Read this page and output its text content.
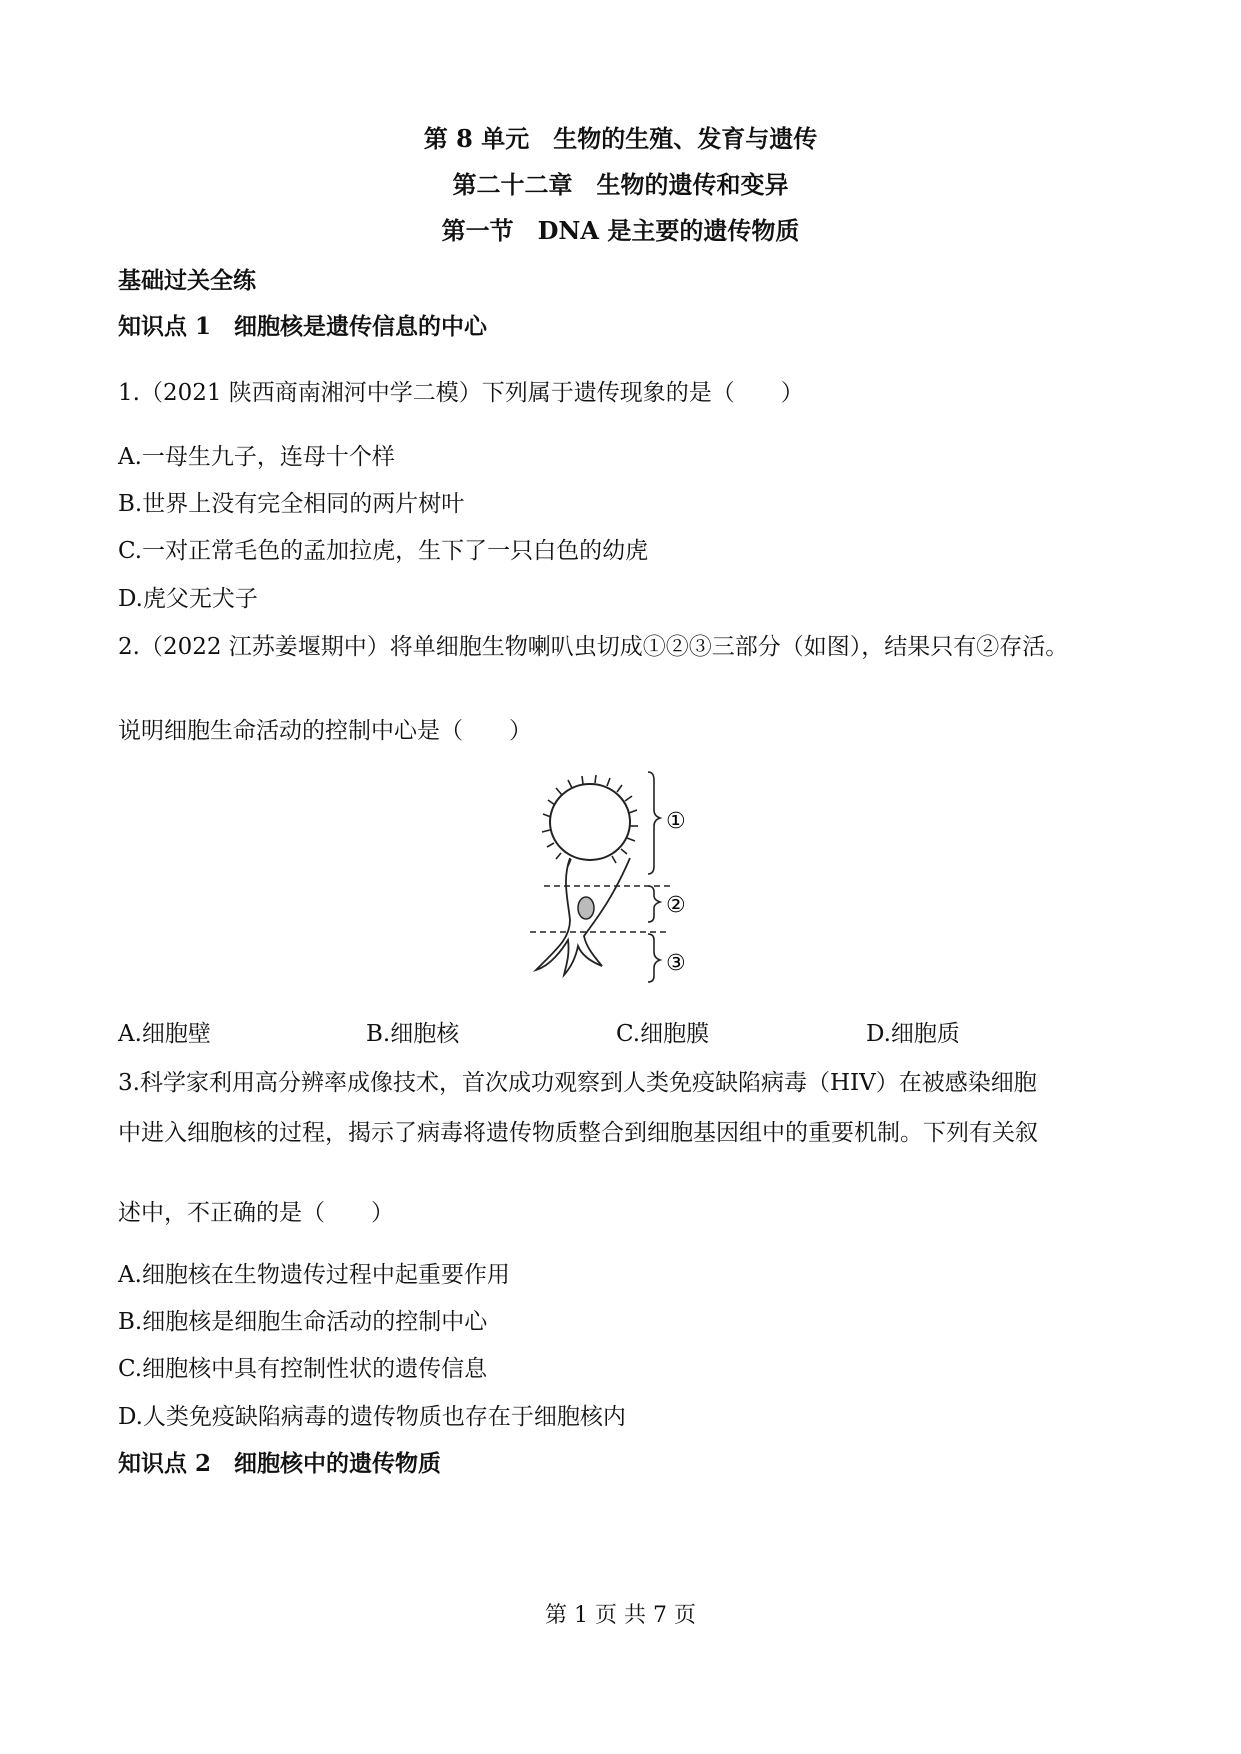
第 8 单元　生物的生殖、发育与遗传
第二十二章　生物的遗传和变异
第一节　DNA 是主要的遗传物质
基础过关全练
知识点 1　细胞核是遗传信息的中心
1.（2021 陕西商南湘河中学二模）下列属于遗传现象的是（　　）
A.一母生九子，连母十个样
B.世界上没有完全相同的两片树叶
C.一对正常毛色的孟加拉虎，生下了一只白色的幼虎
D.虎父无犬子
2.（2022 江苏姜堰期中）将单细胞生物喇叭虫切成①②③三部分（如图），结果只有②存活。
说明细胞生命活动的控制中心是（　　）
①
②
③
A.细胞壁	B.细胞核	C.细胞膜	D.细胞质
3.科学家利用高分辨率成像技术，首次成功观察到人类免疫缺陷病毒（HIV）在被感染细胞
中进入细胞核的过程，揭示了病毒将遗传物质整合到细胞基因组中的重要机制。下列有关叙
述中，不正确的是（　　）
A.细胞核在生物遗传过程中起重要作用
B.细胞核是细胞生命活动的控制中心
C.细胞核中具有控制性状的遗传信息
D.人类免疫缺陷病毒的遗传物质也存在于细胞核内
知识点 2　细胞核中的遗传物质
第 1 页 共 7 页
